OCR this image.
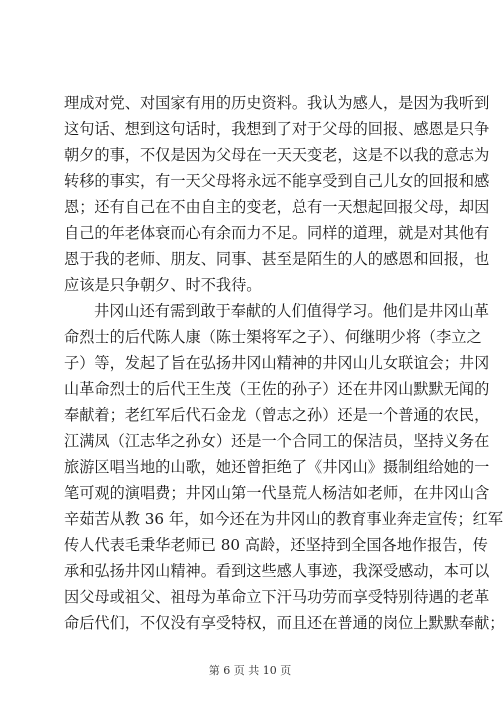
理成对党、对国家有用的历史资料。我认为感人，是因为我听到
这句话、想到这句话时，我想到了对于父母的回报、感恩是只争
朝夕的事，不仅是因为父母在一天天变老，这是不以我的意志为
转移的事实，有一天父母将永远不能享受到自己儿女的回报和感
恩；还有自己在不由自主的变老，总有一天想起回报父母，却因
自己的年老体衰而心有余而力不足。同样的道理，就是对其他有
恩于我的老师、朋友、同事、甚至是陌生的人的感恩和回报，也
应该是只争朝夕、时不我待。
井冈山还有需到敢于奉献的人们值得学习。他们是井冈山革
命烈士的后代陈人康（陈士榘将军之子）、何继明少将（李立之
子）等，发起了旨在弘扬井冈山精神的井冈山儿女联谊会；井冈
山革命烈士的后代王生茂（王佐的孙子）还在井冈山默默无闻的
奉献着；老红军后代石金龙（曾志之孙）还是一个普通的农民，
江满凤（江志华之孙女）还是一个合同工的保洁员，坚持义务在
旅游区唱当地的山歌，她还曾拒绝了《井冈山》摄制组给她的一
笔可观的演唱费；井冈山第一代垦荒人杨洁如老师，在井冈山含
辛茹苦从教 36 年，如今还在为井冈山的教育事业奔走宣传；红军
传人代表毛秉华老师已 80 高龄，还坚持到全国各地作报告，传
承和弘扬井冈山精神。看到这些感人事迹，我深受感动，本可以
因父母或祖父、祖母为革命立下汗马功劳而享受特别待遇的老革
命后代们，不仅没有享受特权，而且还在普通的岗位上默默奉献；
第 6 页 共 10 页
